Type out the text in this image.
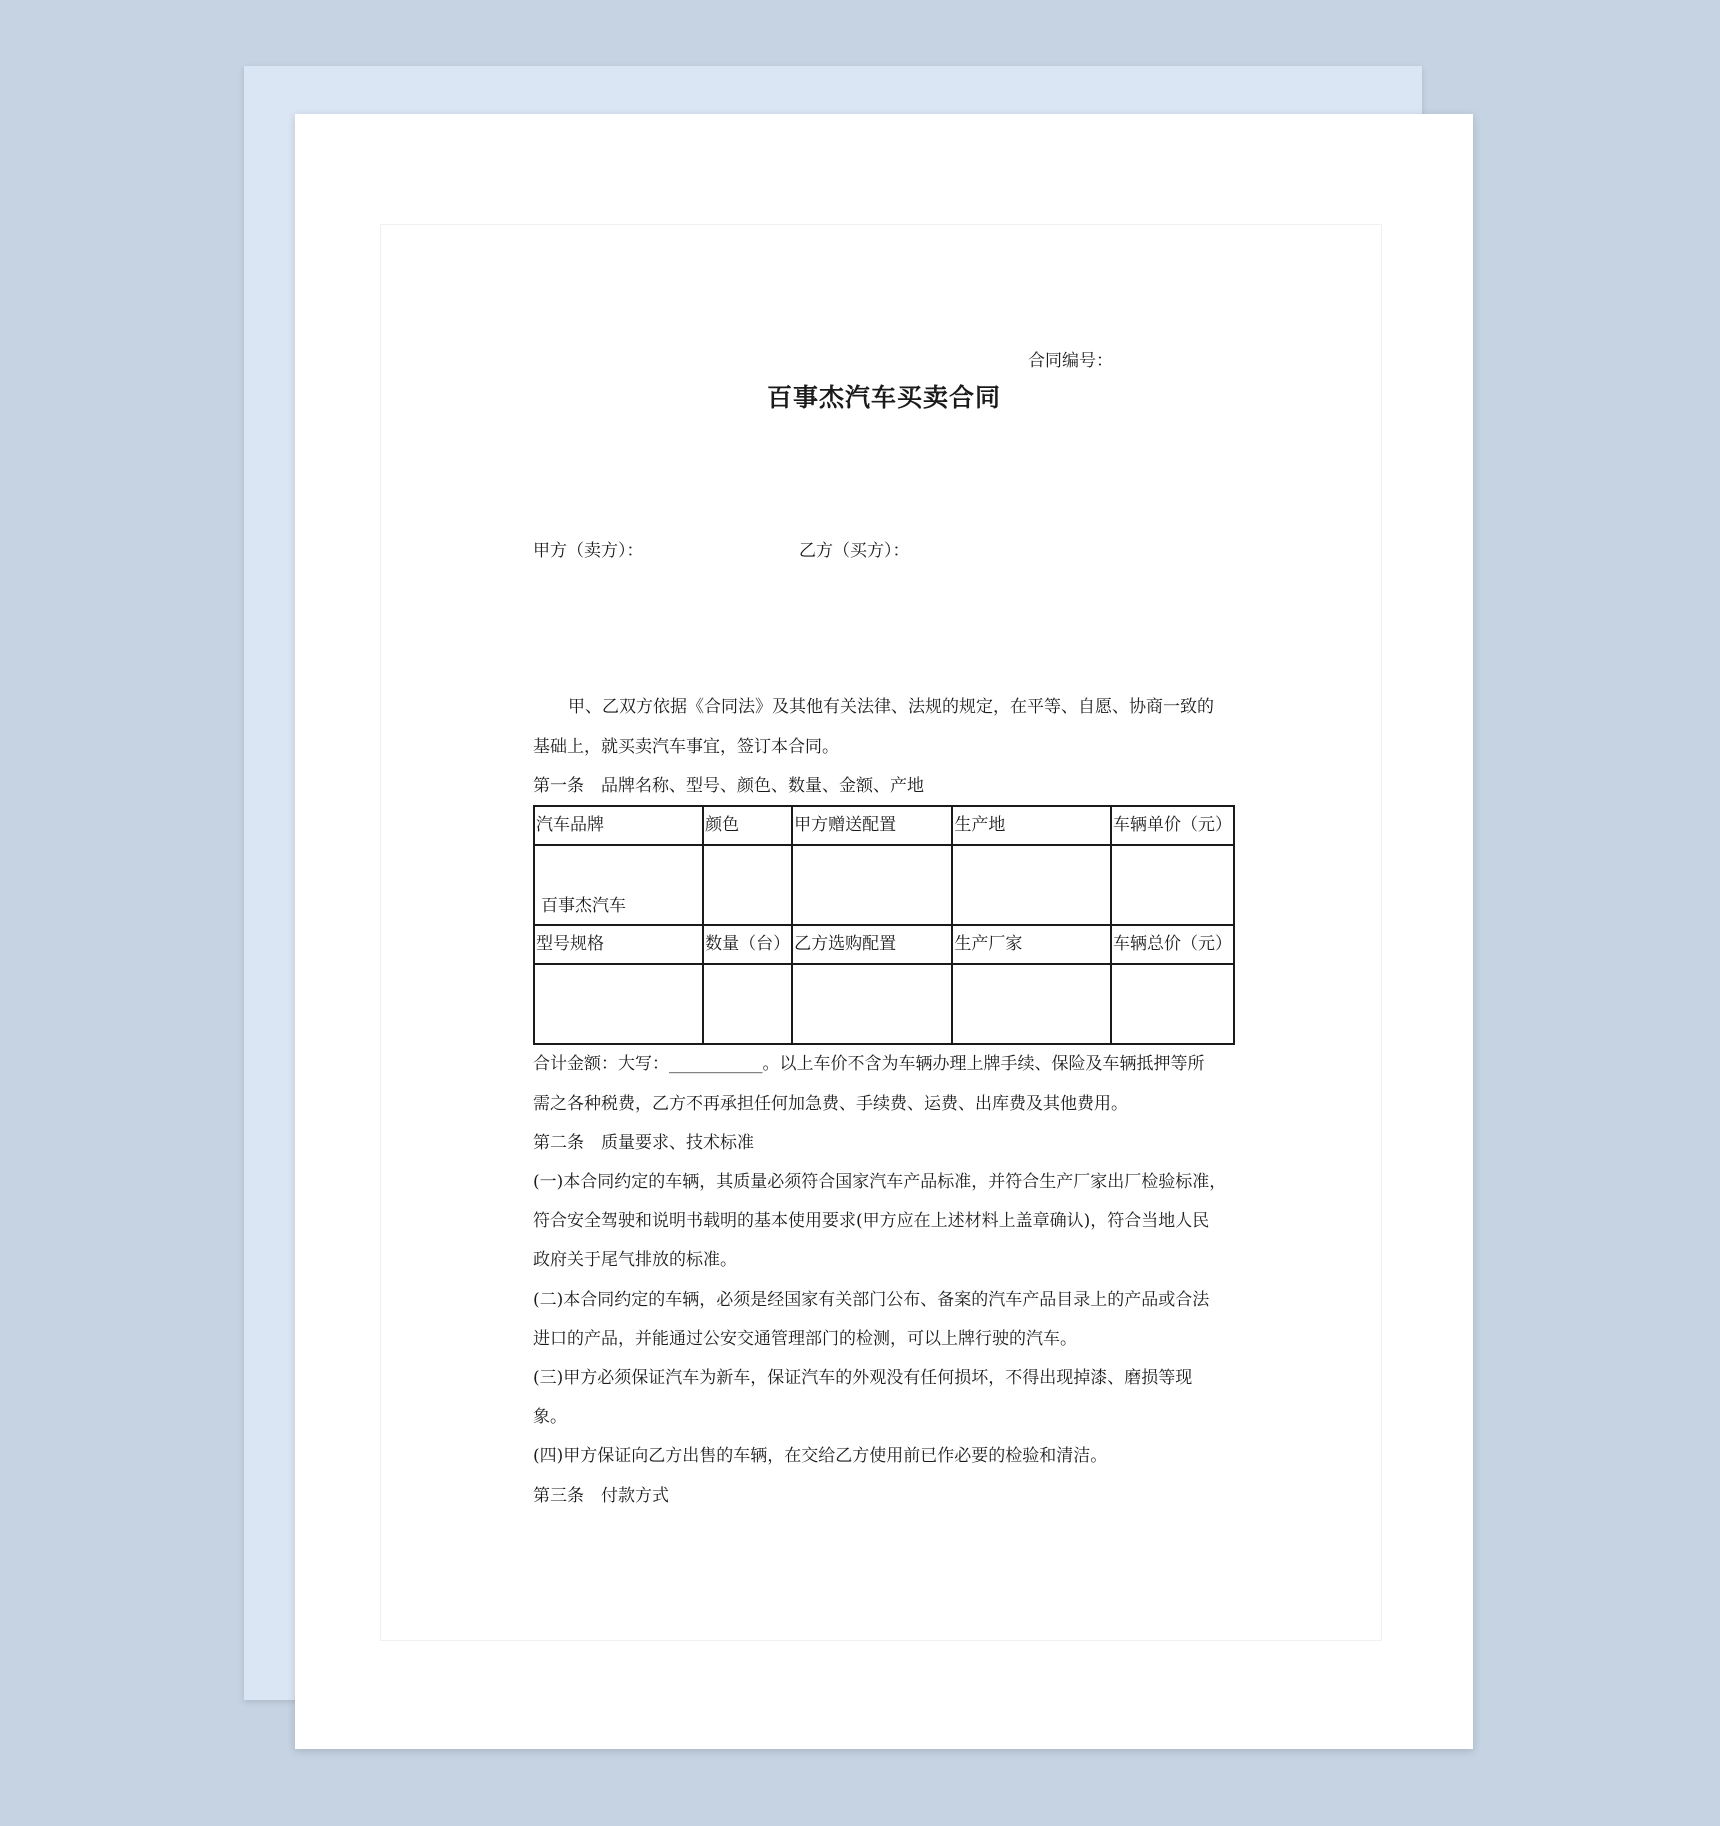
合同编号：
百事杰汽车买卖合同
甲方（卖方）：	乙方（买方）：
甲、乙双方依据《合同法》及其他有关法律、法规的规定，在平等、自愿、协商一致的
基础上，就买卖汽车事宜，签订本合同。
第一条　品牌名称、型号、颜色、数量、金额、产地
汽车品牌	颜色	甲方赠送配置	生产地	车辆单价（元）

百事杰汽车				

型号规格	数量（台）	乙方选购配置	生产厂家	车辆总价（元）

合计金额：大写：___________。以上车价不含为车辆办理上牌手续、保险及车辆抵押等所
需之各种税费，乙方不再承担任何加急费、手续费、运费、出库费及其他费用。
第二条　质量要求、技术标准
(一)本合同约定的车辆，其质量必须符合国家汽车产品标准，并符合生产厂家出厂检验标准，
符合安全驾驶和说明书载明的基本使用要求(甲方应在上述材料上盖章确认)，符合当地人民
政府关于尾气排放的标准。
(二)本合同约定的车辆，必须是经国家有关部门公布、备案的汽车产品目录上的产品或合法
进口的产品，并能通过公安交通管理部门的检测，可以上牌行驶的汽车。
(三)甲方必须保证汽车为新车，保证汽车的外观没有任何损坏，不得出现掉漆、磨损等现
象。
(四)甲方保证向乙方出售的车辆，在交给乙方使用前已作必要的检验和清洁。
第三条　付款方式
